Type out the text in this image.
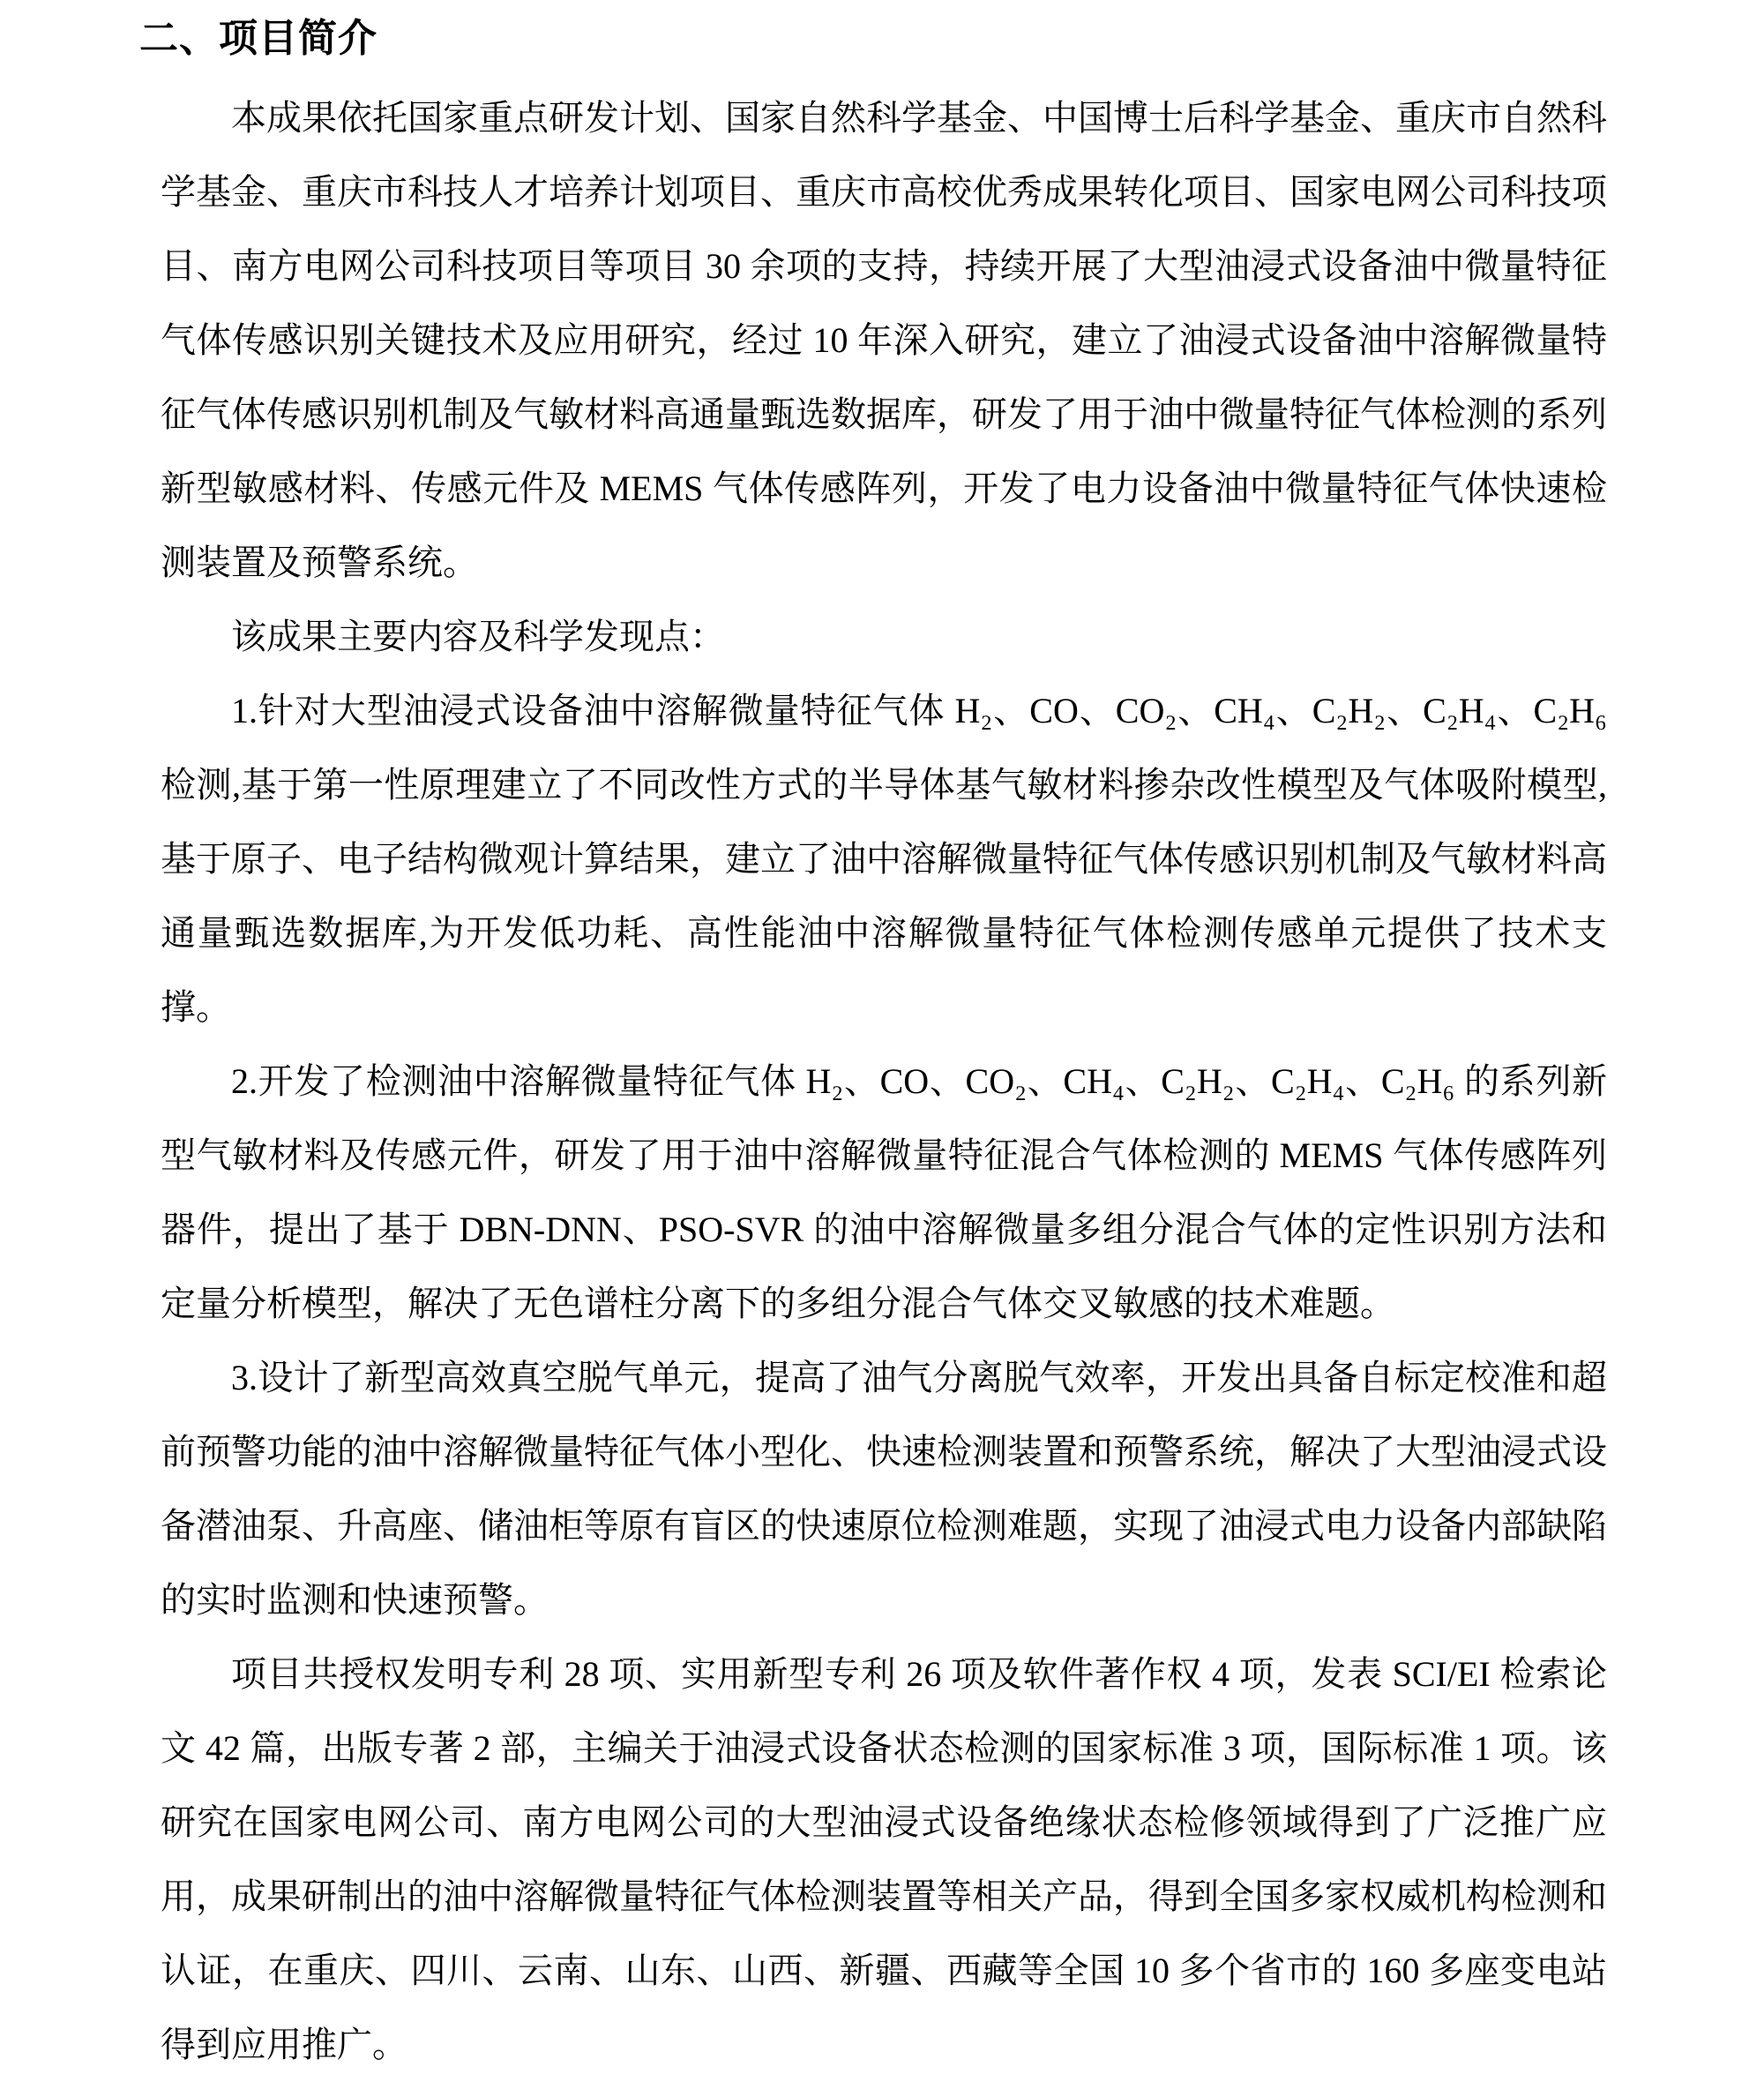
二、项目简介

本成果依托国家重点研发计划、国家自然科学基金、中国博士后科学基金、重庆市自然科学基金、重庆市科技人才培养计划项目、重庆市高校优秀成果转化项目、国家电网公司科技项目、南方电网公司科技项目等项目 30 余项的支持，持续开展了大型油浸式设备油中微量特征气体传感识别关键技术及应用研究，经过 10 年深入研究，建立了油浸式设备油中溶解微量特征气体传感识别机制及气敏材料高通量甄选数据库，研发了用于油中微量特征气体检测的系列新型敏感材料、传感元件及 MEMS 气体传感阵列，开发了电力设备油中微量特征气体快速检测装置及预警系统。

该成果主要内容及科学发现点：

1.针对大型油浸式设备油中溶解微量特征气体 H₂、CO、CO₂、CH₄、C₂H₂、C₂H₄、C₂H₆ 检测,基于第一性原理建立了不同改性方式的半导体基气敏材料掺杂改性模型及气体吸附模型,基于原子、电子结构微观计算结果，建立了油中溶解微量特征气体传感识别机制及气敏材料高通量甄选数据库,为开发低功耗、高性能油中溶解微量特征气体检测传感单元提供了技术支撑。

2.开发了检测油中溶解微量特征气体 H₂、CO、CO₂、CH₄、C₂H₂、C₂H₄、C₂H₆ 的系列新型气敏材料及传感元件，研发了用于油中溶解微量特征混合气体检测的 MEMS 气体传感阵列器件，提出了基于 DBN-DNN、PSO-SVR 的油中溶解微量多组分混合气体的定性识别方法和定量分析模型，解决了无色谱柱分离下的多组分混合气体交叉敏感的技术难题。

3.设计了新型高效真空脱气单元，提高了油气分离脱气效率，开发出具备自标定校准和超前预警功能的油中溶解微量特征气体小型化、快速检测装置和预警系统，解决了大型油浸式设备潜油泵、升高座、储油柜等原有盲区的快速原位检测难题，实现了油浸式电力设备内部缺陷的实时监测和快速预警。

项目共授权发明专利 28 项、实用新型专利 26 项及软件著作权 4 项，发表 SCI/EI 检索论文 42 篇，出版专著 2 部，主编关于油浸式设备状态检测的国家标准 3 项，国际标准 1 项。该研究在国家电网公司、南方电网公司的大型油浸式设备绝缘状态检修领域得到了广泛推广应用，成果研制出的油中溶解微量特征气体检测装置等相关产品，得到全国多家权威机构检测和认证，在重庆、四川、云南、山东、山西、新疆、西藏等全国 10 多个省市的 160 多座变电站得到应用推广。
